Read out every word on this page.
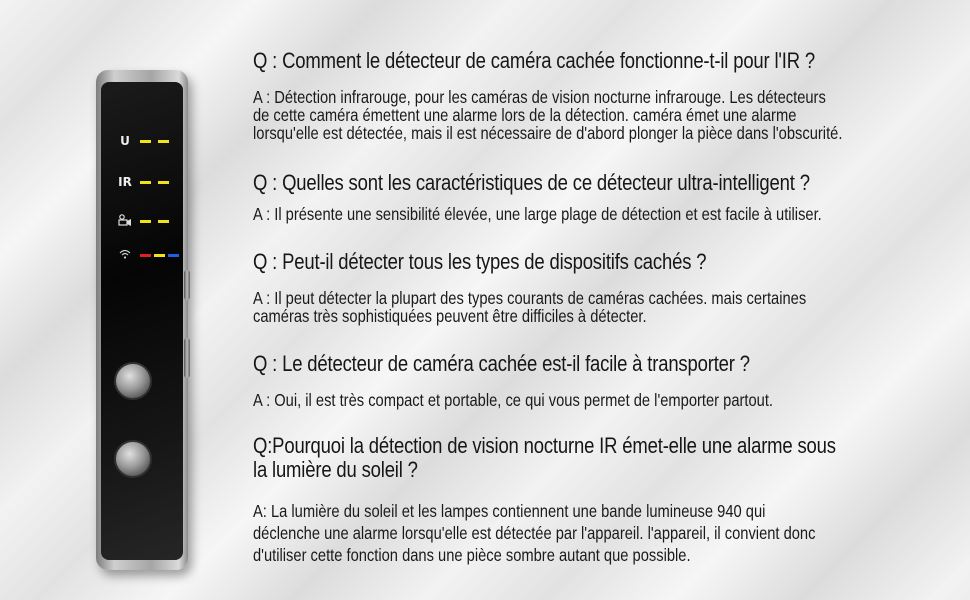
U
IR

Q : Comment le détecteur de caméra cachée fonctionne-t-il pour l'IR ?

A : Détection infrarouge, pour les caméras de vision nocturne infrarouge. Les détecteurs
de cette caméra émettent une alarme lors de la détection. caméra émet une alarme
lorsqu'elle est détectée, mais il est nécessaire de d'abord plonger la pièce dans l'obscurité.

Q : Quelles sont les caractéristiques de ce détecteur ultra-intelligent ?

A : Il présente une sensibilité élevée, une large plage de détection et est facile à utiliser.

Q : Peut-il détecter tous les types de dispositifs cachés ?

A : Il peut détecter la plupart des types courants de caméras cachées. mais certaines
caméras très sophistiquées peuvent être difficiles à détecter.

Q : Le détecteur de caméra cachée est-il facile à transporter ?

A : Oui, il est très compact et portable, ce qui vous permet de l'emporter partout.

Q:Pourquoi la détection de vision nocturne IR émet-elle une alarme sous
la lumière du soleil ?

A: La lumière du soleil et les lampes contiennent une bande lumineuse 940 qui
déclenche une alarme lorsqu'elle est détectée par l'appareil. l'appareil, il convient donc
d'utiliser cette fonction dans une pièce sombre autant que possible.
